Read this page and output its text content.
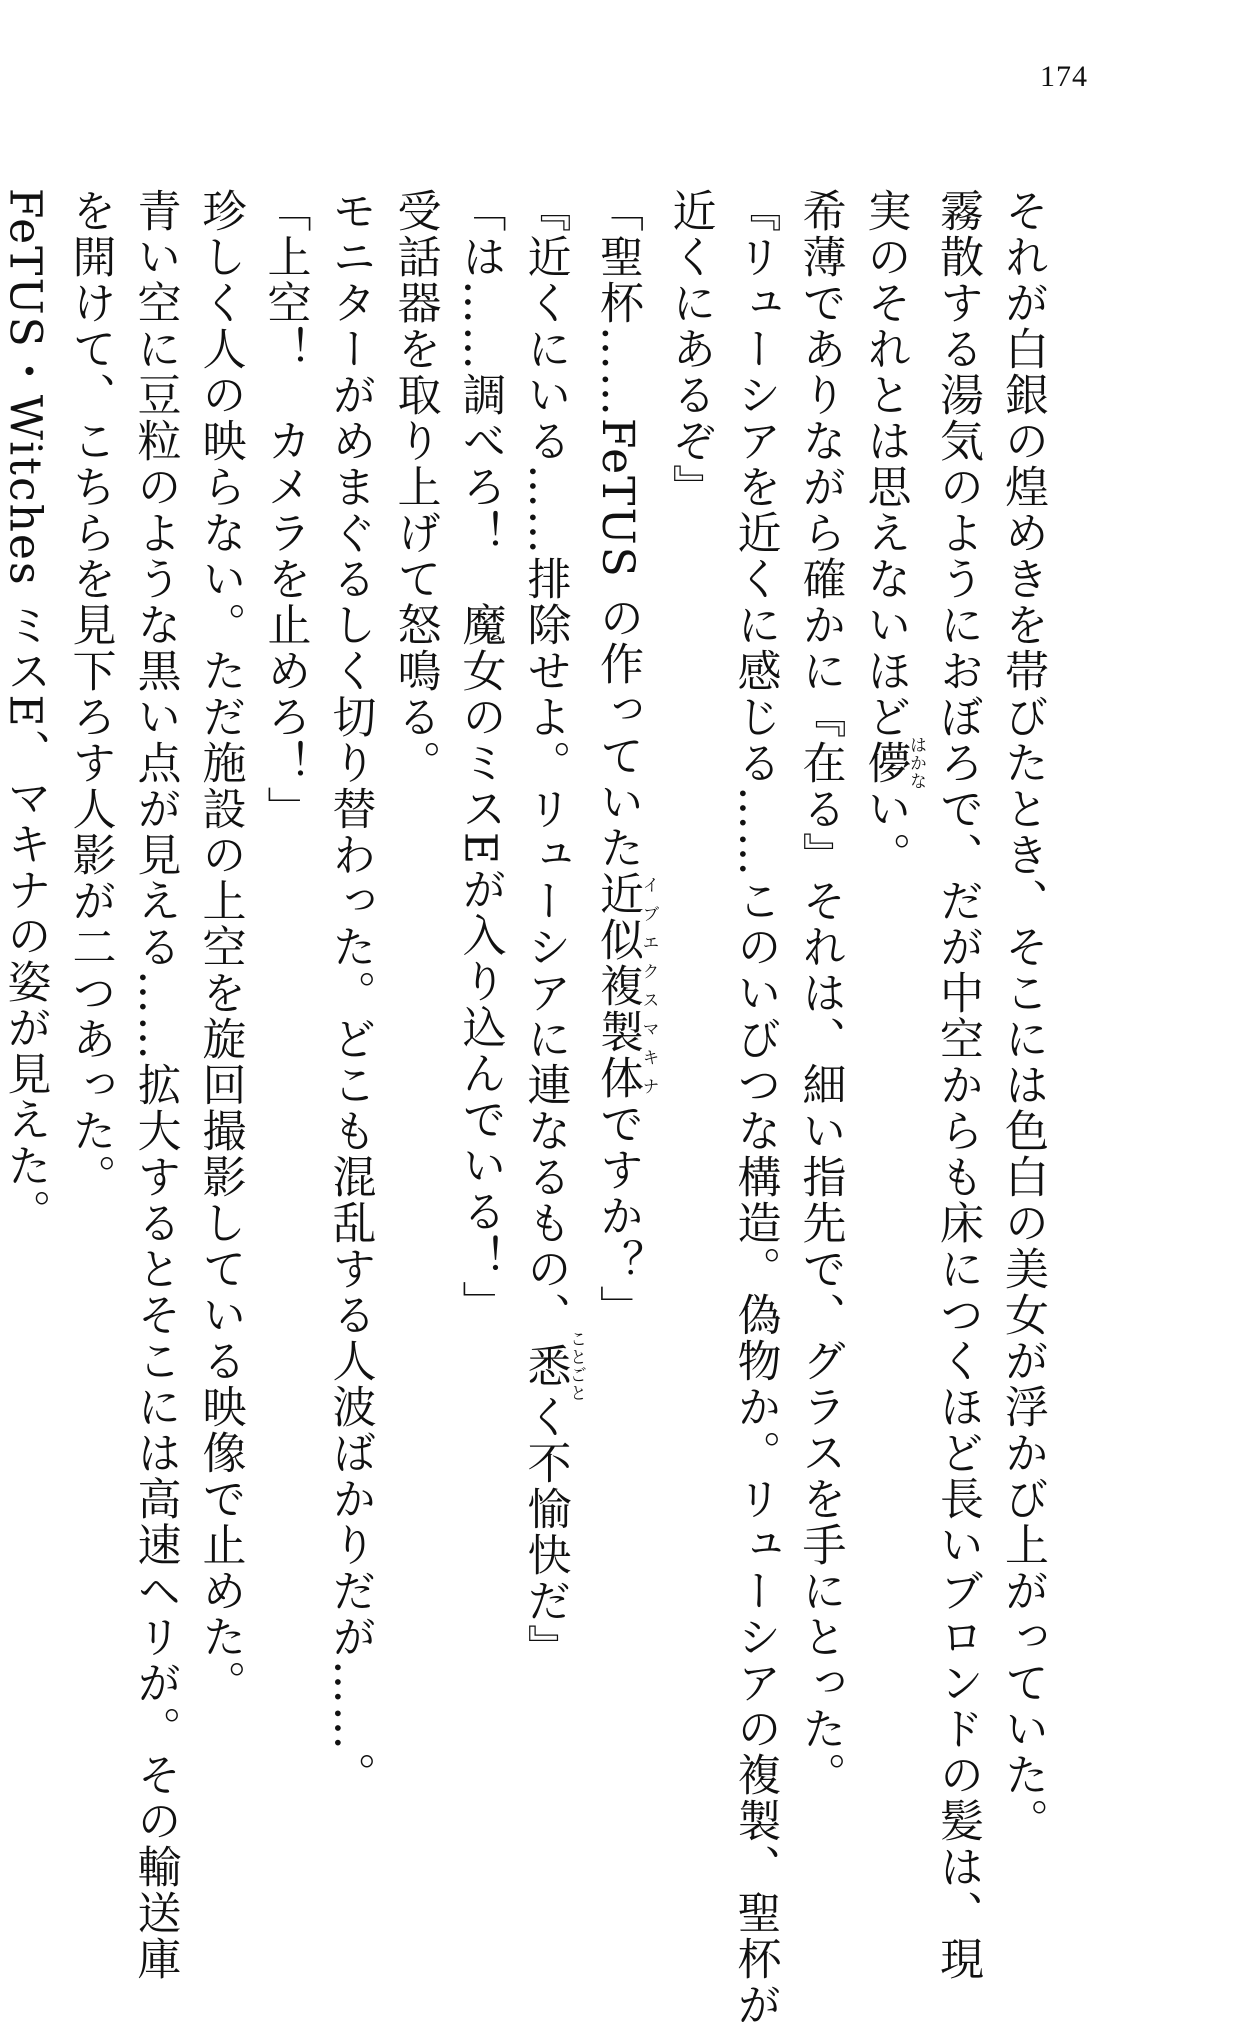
174
それが白銀の煌めきを帯びたとき、そこには色白の美女が浮かび上がっていた。
霧散する湯気のようにおぼろで、だが中空からも床につくほど長いブロンドの髪は、現
実のそれとは思えないほど儚はかない。
希薄でありながら確かに『在る』それは、細い指先で、グラスを手にとった。
『リューシアを近くに感じる……このいびつな構造。偽物か。リューシアの複製、聖杯が
近くにあるぞ』
「聖杯……FeTUS の作っていた近似複製体イブエクスマキナですか？」
『近くにいる……排除せよ。リューシアに連なるもの、悉ことごとく不愉快だ』
「は……調べろ！　魔女のミスEが入り込んでいる！」
受話器を取り上げて怒鳴る。
モニターがめまぐるしく切り替わった。どこも混乱する人波ばかりだが……。
「上空！　カメラを止めろ！」
珍しく人の映らない。ただ施設の上空を旋回撮影している映像で止めた。
青い空に豆粒のような黒い点が見える……拡大するとそこには高速ヘリが。その輸送庫
を開けて、こちらを見下ろす人影が二つあった。
FeTUS・Witches ミスE、マキナの姿が見えた。
